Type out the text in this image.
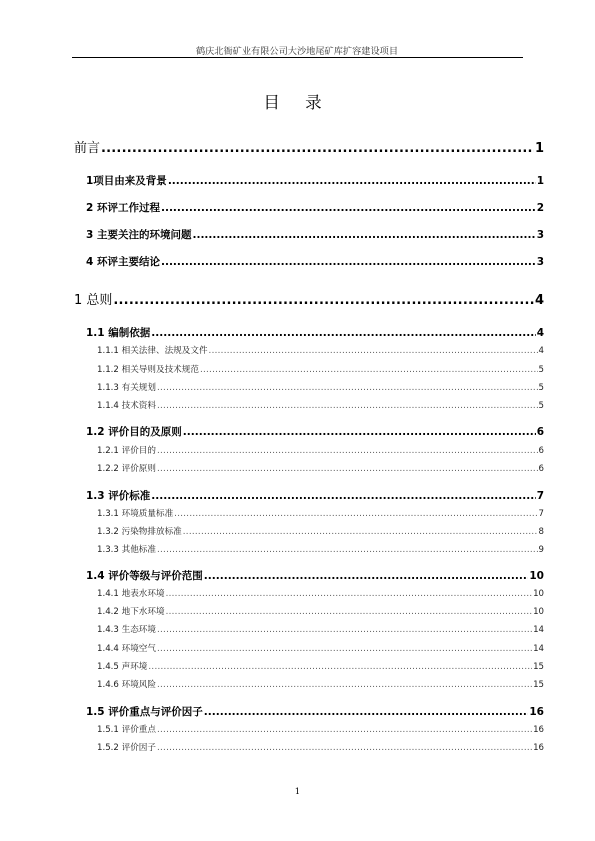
鹤庆北衙矿业有限公司大沙地尾矿库扩容建设项目
目 录
前言 .....	1
1项目由来及背景 .....	1
2 环评工作过程 .....	2
3 主要关注的环境问题 .....	3
4 环评主要结论 .....	3
1 总则 .....	4
1.1 编制依据 .....	4
1.1.1 相关法律、法规及文件 .....	4
1.1.2 相关导则及技术规范 .....	5
1.1.3 有关规划 .....	5
1.1.4 技术资料 .....	5
1.2 评价目的及原则 .....	6
1.2.1 评价目的 .....	6
1.2.2 评价原则 .....	6
1.3 评价标准 .....	7
1.3.1 环境质量标准 .....	7
1.3.2 污染物排放标准 .....	8
1.3.3 其他标准 .....	9
1.4 评价等级与评价范围 .....	10
1.4.1 地表水环境 .....	10
1.4.2 地下水环境 .....	10
1.4.3 生态环境 .....	14
1.4.4 环境空气 .....	14
1.4.5 声环境 .....	15
1.4.6 环境风险 .....	15
1.5 评价重点与评价因子 .....	16
1.5.1 评价重点 .....	16
1.5.2 评价因子 .....	16
1
